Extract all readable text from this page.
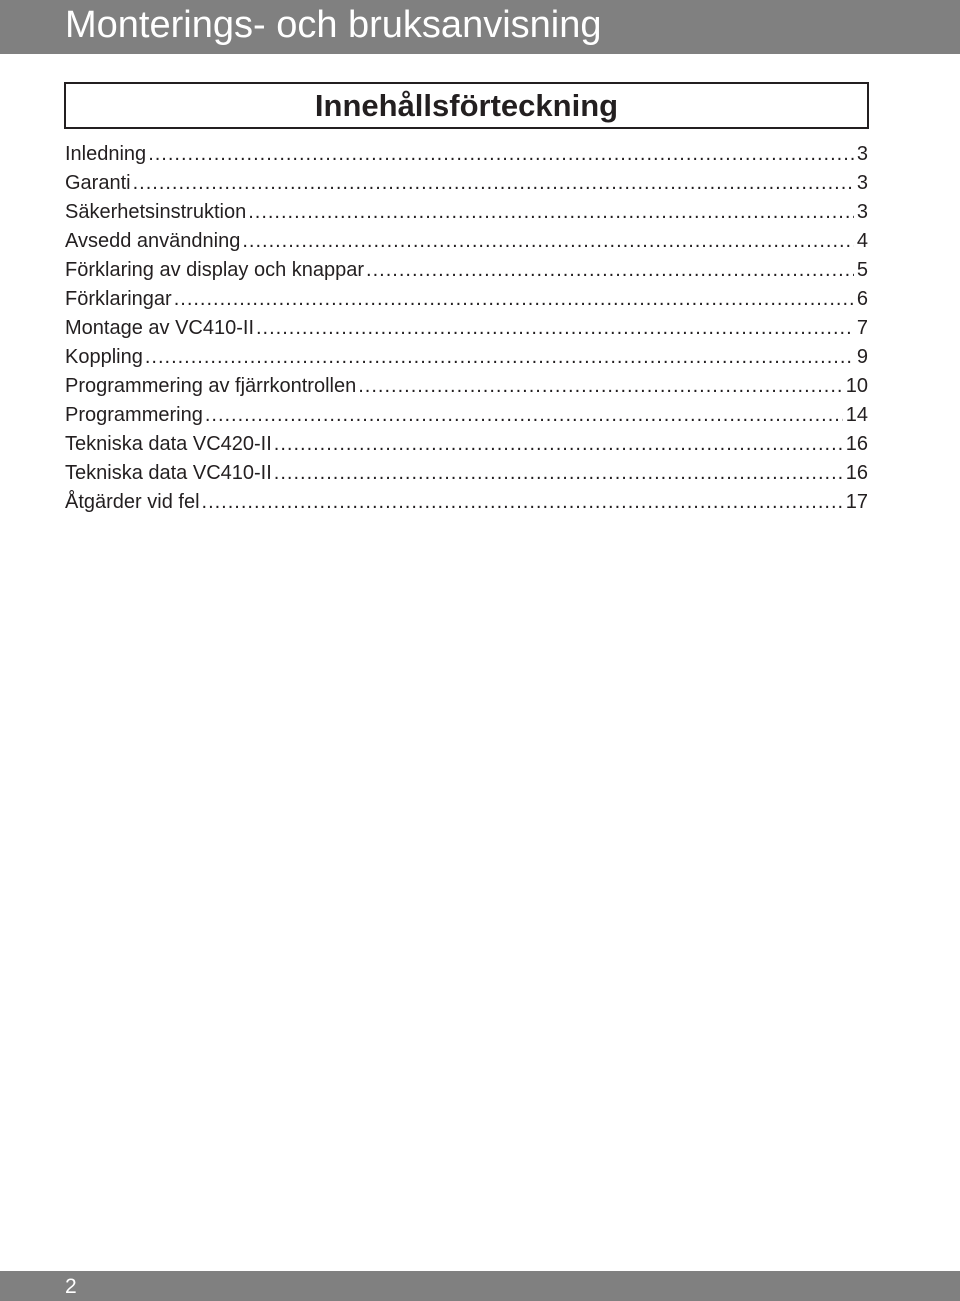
Monterings- och bruksanvisning
Innehållsförteckning
Inledning .....	3
Garanti .....	3
Säkerhetsinstruktion .....	3
Avsedd användning .....	4
Förklaring av display och knappar .....	5
Förklaringar .....	6
Montage av VC410-II .....	7
Koppling .....	9
Programmering av fjärrkontrollen .....	10
Programmering .....	14
Tekniska data VC420-II .....	16
Tekniska data VC410-II .....	16
Åtgärder vid fel .....	17
2
